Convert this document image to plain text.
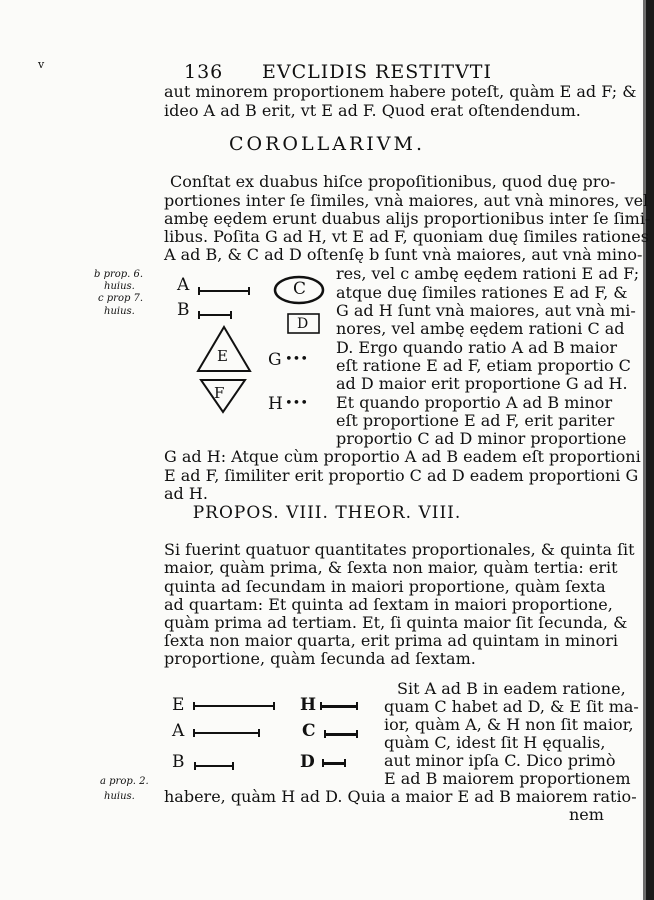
v	136 EVCLIDIS RESTITVTI
aut minorem proportionem habere poteſt, quàm E ad F; &
ideo A ad B erit, vt E ad F. Quod erat oſtendendum.
COROLLARIVM.
Conſtat ex duabus hiſce propoſitionibus, quod duę pro-
portiones inter ſe ſimiles, vnà maiores, aut vnà minores, vel
ambę eędem erunt duabus alijs proportionibus inter ſe ſimi-
libus. Poſita G ad H, vt E ad F, quoniam duę ſimiles rationes
A ad B, & C ad D oſtenſę b ſunt vnà maiores, aut vnà mino-
res, vel c ambę eędem rationi E ad F;
atque duę ſimiles rationes E ad F, &
G ad H ſunt vnà maiores, aut vnà mi-
nores, vel ambę eędem rationi C ad
D. Ergo quando ratio A ad B maior
eſt ratione E ad F, etiam proportio C
ad D maior erit proportione G ad H.
Et quando proportio A ad B minor
eſt proportione E ad F, erit pariter
proportio C ad D minor proportione
G ad H: Atque cùm proportio A ad B eadem eſt proportioni
E ad F, ſimiliter erit proportio C ad D eadem proportioni G
ad H.
b prop. 6.
huius.
c prop 7.
huius.
A
B
C
D
E
F
G •••
H •••
PROPOS. VIII. THEOR. VIII.
Si fuerint quatuor quantitates proportionales, & quinta ſit
maior, quàm prima, & ſexta non maior, quàm tertia: erit
quinta ad ſecundam in maiori proportione, quàm ſexta
ad quartam: Et quinta ad ſextam in maiori proportione,
quàm prima ad tertiam. Et, ſi quinta maior ſit ſecunda, &
ſexta non maior quarta, erit prima ad quintam in minori
proportione, quàm ſecunda ad ſextam.
Sit A ad B in eadem ratione,
quam C habet ad D, & E ſit ma-
ior, quàm A, & H non ſit maior,
quàm C, idest ſit H ęqualis,
aut minor ipſa C. Dico primò
E ad B maiorem proportionem
habere, quàm H ad D. Quia a maior E ad B maiorem ratio-
nem
a prop. 2.
huius.
E
A
B
H
C
D
